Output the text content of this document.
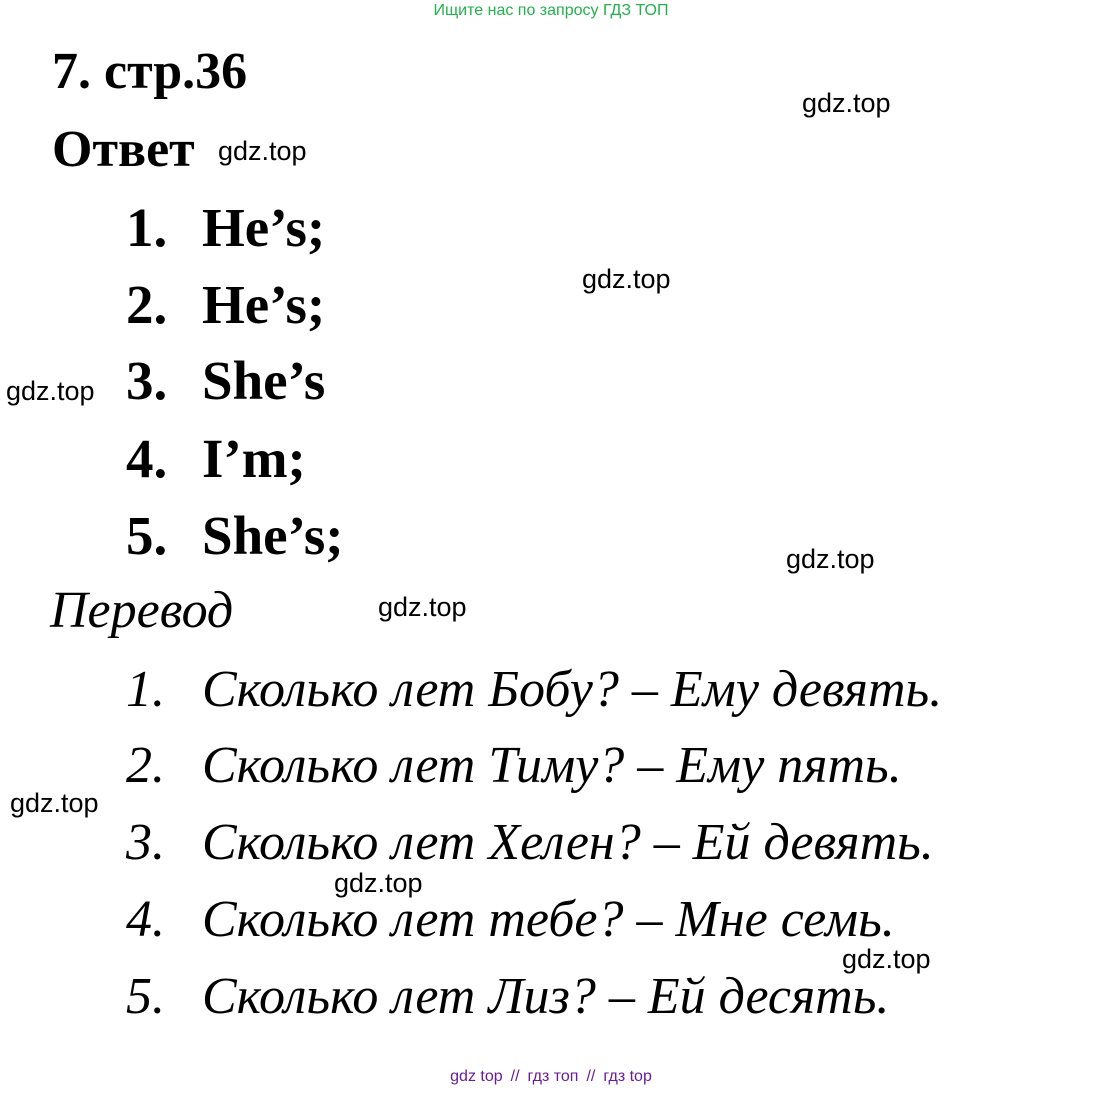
Ищите нас по запросу ГДЗ ТОП
7. стр.36
Ответ
1. He’s;
2. He’s;
3. She’s
4. I’m;
5. She’s;
Перевод
1. Сколько лет Бобу? – Ему девять.
2. Сколько лет Тиму? – Ему пять.
3. Сколько лет Хелен? – Ей девять.
4. Сколько лет тебе? – Мне семь.
5. Сколько лет Лиз? – Ей десять.
gdz.top
gdz.top
gdz.top
gdz.top
gdz.top
gdz.top
gdz.top
gdz.top
gdz.top
gdz top // гдз топ // гдз top
